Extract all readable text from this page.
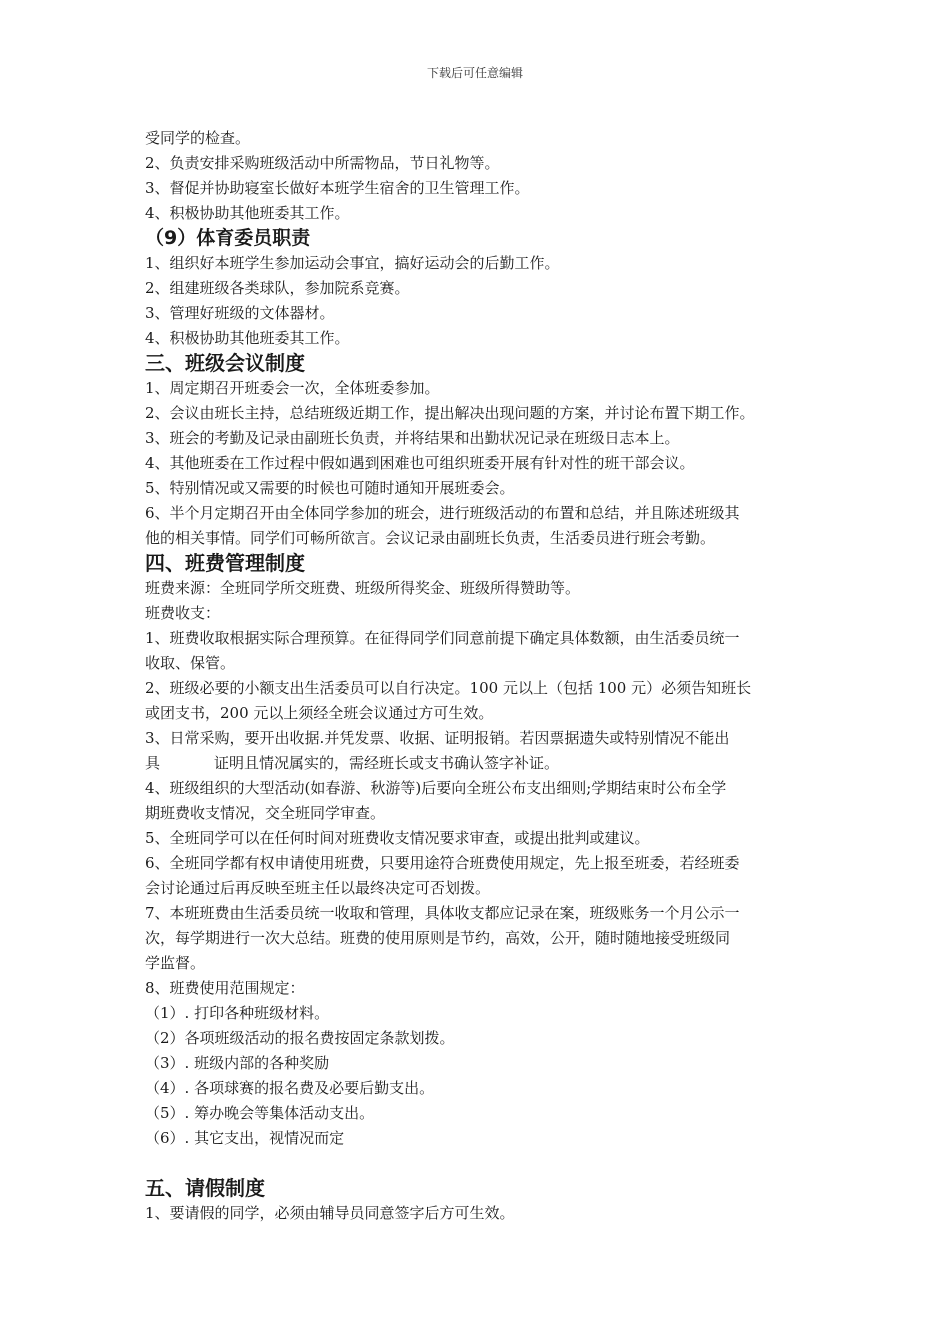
下载后可任意编辑
受同学的检查。
2、负责安排采购班级活动中所需物品，节日礼物等。
3、督促并协助寝室长做好本班学生宿舍的卫生管理工作。
4、积极协助其他班委其工作。
（9）体育委员职责
1、组织好本班学生参加运动会事宜，搞好运动会的后勤工作。
2、组建班级各类球队，参加院系竞赛。
3、管理好班级的文体器材。
4、积极协助其他班委其工作。
三、班级会议制度
1、周定期召开班委会一次，全体班委参加。
2、会议由班长主持，总结班级近期工作，提出解决出现问题的方案，并讨论布置下期工作。
3、班会的考勤及记录由副班长负责，并将结果和出勤状况记录在班级日志本上。
4、其他班委在工作过程中假如遇到困难也可组织班委开展有针对性的班干部会议。
5、特别情况或又需要的时候也可随时通知开展班委会。
6、半个月定期召开由全体同学参加的班会，进行班级活动的布置和总结，并且陈述班级其
他的相关事情。同学们可畅所欲言。会议记录由副班长负责，生活委员进行班会考勤。
四、班费管理制度
班费来源：全班同学所交班费、班级所得奖金、班级所得赞助等。
班费收支：
1、班费收取根据实际合理预算。在征得同学们同意前提下确定具体数额，由生活委员统一
收取、保管。
2、班级必要的小额支出生活委员可以自行决定。100 元以上（包括 100 元）必须告知班长
或团支书，200 元以上须经全班会议通过方可生效。
3、日常采购，要开出收据.并凭发票、收据、证明报销。若因票据遗失或特别情况不能出
具	证明且情况属实的，需经班长或支书确认签字补证。
4、班级组织的大型活动(如春游、秋游等)后要向全班公布支出细则;学期结束时公布全学
期班费收支情况，交全班同学审查。
5、全班同学可以在任何时间对班费收支情况要求审查，或提出批判或建议。
6、全班同学都有权申请使用班费，只要用途符合班费使用规定，先上报至班委，若经班委
会讨论通过后再反映至班主任以最终决定可否划拨。
7、本班班费由生活委员统一收取和管理，具体收支都应记录在案，班级账务一个月公示一
次，每学期进行一次大总结。班费的使用原则是节约，高效，公开，随时随地接受班级同
学监督。
8、班费使用范围规定：
（1）. 打印各种班级材料。
（2）各项班级活动的报名费按固定条款划拨。
（3）. 班级内部的各种奖励
（4）. 各项球赛的报名费及必要后勤支出。
（5）. 筹办晚会等集体活动支出。
（6）. 其它支出，视情况而定
五、请假制度
1、要请假的同学，必须由辅导员同意签字后方可生效。
